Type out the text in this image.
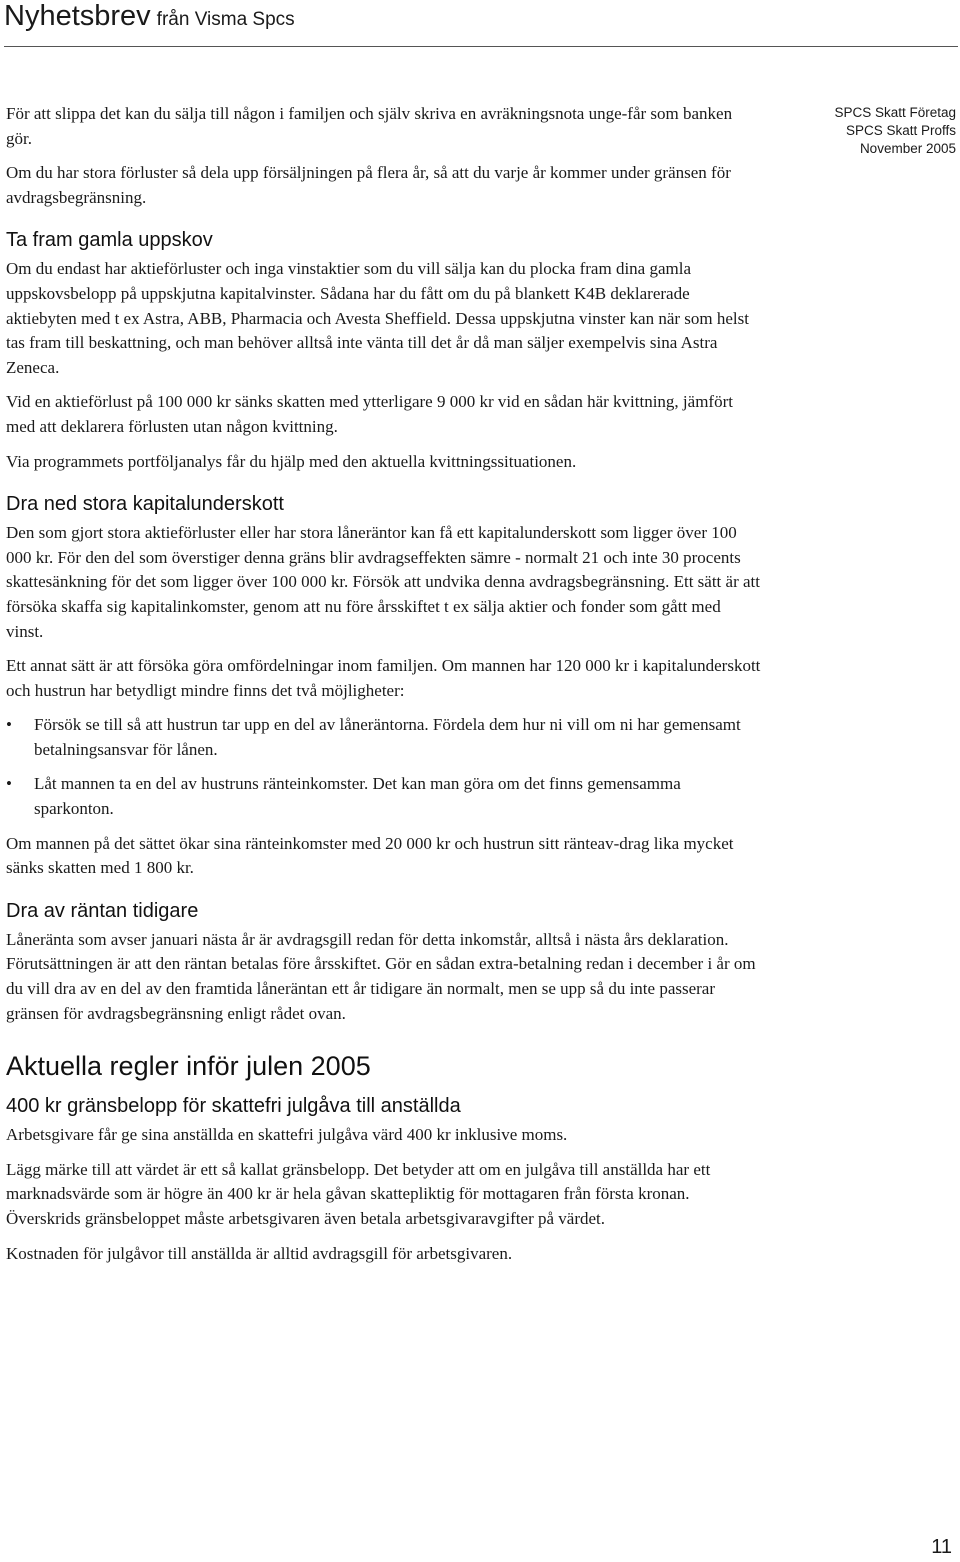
Nyhetsbrev från Visma Spcs
SPCS Skatt Företag
SPCS Skatt Proffs
November 2005

För att slippa det kan du sälja till någon i familjen och själv skriva en avräkningsnota unge-får som banken gör.

Om du har stora förluster så dela upp försäljningen på flera år, så att du varje år kommer under gränsen för avdragsbegränsning.

Ta fram gamla uppskov

Om du endast har aktieförluster och inga vinstaktier som du vill sälja kan du plocka fram dina gamla uppskovsbelopp på uppskjutna kapitalvinster. Sådana har du fått om du på blankett K4B deklarerade aktiebyten med t ex Astra, ABB, Pharmacia och Avesta Sheffield. Dessa uppskjutna vinster kan när som helst tas fram till beskattning, och man behöver alltså inte vänta till det år då man säljer exempelvis sina Astra Zeneca.

Vid en aktieförlust på 100 000 kr sänks skatten med ytterligare 9 000 kr vid en sådan här kvittning, jämfört med att deklarera förlusten utan någon kvittning.

Via programmets portföljanalys får du hjälp med den aktuella kvittningssituationen.

Dra ned stora kapitalunderskott

Den som gjort stora aktieförluster eller har stora låneräntor kan få ett kapitalunderskott som ligger över 100 000 kr. För den del som överstiger denna gräns blir avdragseffekten sämre - normalt 21 och inte 30 procents skattesänkning för det som ligger över 100 000 kr. Försök att undvika denna avdragsbegränsning. Ett sätt är att försöka skaffa sig kapitalinkomster, genom att nu före årsskiftet t ex sälja aktier och fonder som gått med vinst.

Ett annat sätt är att försöka göra omfördelningar inom familjen. Om mannen har 120 000 kr i kapitalunderskott och hustrun har betydligt mindre finns det två möjligheter:

• Försök se till så att hustrun tar upp en del av låneräntorna. Fördela dem hur ni vill om ni har gemensamt betalningsansvar för lånen.
• Låt mannen ta en del av hustruns ränteinkomster. Det kan man göra om det finns gemensamma sparkonton.

Om mannen på det sättet ökar sina ränteinkomster med 20 000 kr och hustrun sitt ränteav-drag lika mycket sänks skatten med 1 800 kr.

Dra av räntan tidigare

Låneränta som avser januari nästa år är avdragsgill redan för detta inkomstår, alltså i nästa års deklaration. Förutsättningen är att den räntan betalas före årsskiftet. Gör en sådan extra-betalning redan i december i år om du vill dra av en del av den framtida låneräntan ett år tidigare än normalt, men se upp så du inte passerar gränsen för avdragsbegränsning enligt rådet ovan.

Aktuella regler inför julen 2005
400 kr gränsbelopp för skattefri julgåva till anställda

Arbetsgivare får ge sina anställda en skattefri julgåva värd 400 kr inklusive moms.

Lägg märke till att värdet är ett så kallat gränsbelopp. Det betyder att om en julgåva till anställda har ett marknadsvärde som är högre än 400 kr är hela gåvan skattepliktig för mottagaren från första kronan. Överskrids gränsbeloppet måste arbetsgivaren även betala arbetsgivaravgifter på värdet.

Kostnaden för julgåvor till anställda är alltid avdragsgill för arbetsgivaren.

11
